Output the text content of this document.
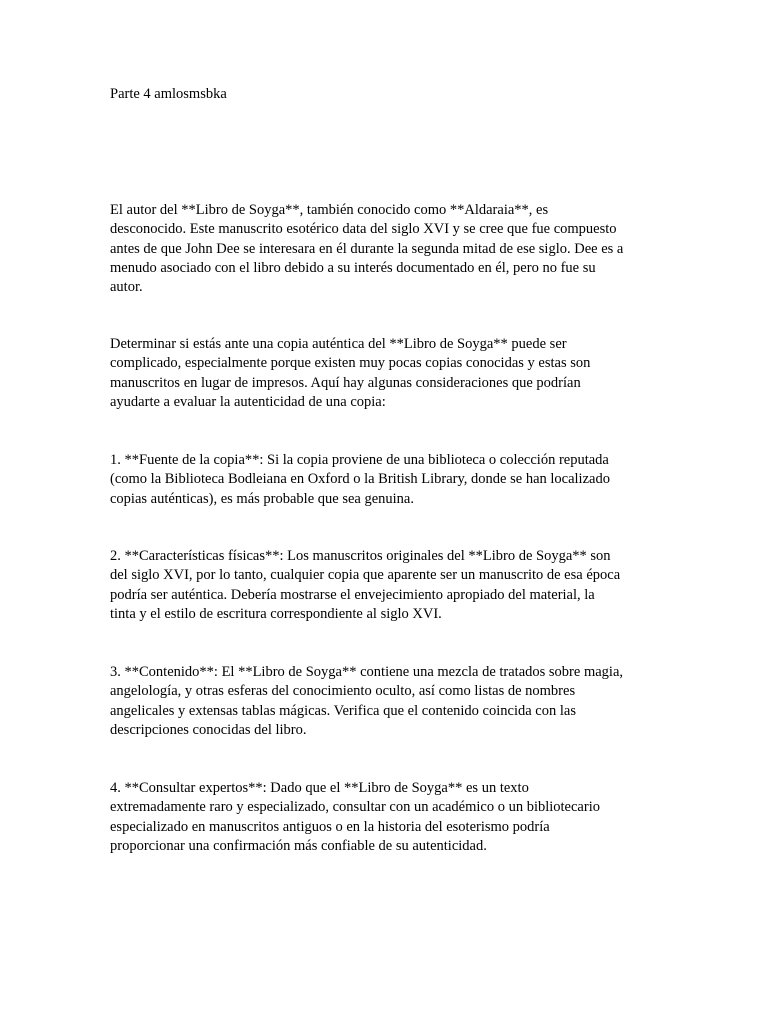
Parte 4 amlosmsbka

El autor del **Libro de Soyga**, también conocido como **Aldaraia**, es
desconocido. Este manuscrito esotérico data del siglo XVI y se cree que fue compuesto
antes de que John Dee se interesara en él durante la segunda mitad de ese siglo. Dee es a
menudo asociado con el libro debido a su interés documentado en él, pero no fue su
autor.

Determinar si estás ante una copia auténtica del **Libro de Soyga** puede ser
complicado, especialmente porque existen muy pocas copias conocidas y estas son
manuscritos en lugar de impresos. Aquí hay algunas consideraciones que podrían
ayudarte a evaluar la autenticidad de una copia:

1. **Fuente de la copia**: Si la copia proviene de una biblioteca o colección reputada
(como la Biblioteca Bodleiana en Oxford o la British Library, donde se han localizado
copias auténticas), es más probable que sea genuina.

2. **Características físicas**: Los manuscritos originales del **Libro de Soyga** son
del siglo XVI, por lo tanto, cualquier copia que aparente ser un manuscrito de esa época
podría ser auténtica. Debería mostrarse el envejecimiento apropiado del material, la
tinta y el estilo de escritura correspondiente al siglo XVI.

3. **Contenido**: El **Libro de Soyga** contiene una mezcla de tratados sobre magia,
angelología, y otras esferas del conocimiento oculto, así como listas de nombres
angelicales y extensas tablas mágicas. Verifica que el contenido coincida con las
descripciones conocidas del libro.

4. **Consultar expertos**: Dado que el **Libro de Soyga** es un texto
extremadamente raro y especializado, consultar con un académico o un bibliotecario
especializado en manuscritos antiguos o en la historia del esoterismo podría
proporcionar una confirmación más confiable de su autenticidad.
